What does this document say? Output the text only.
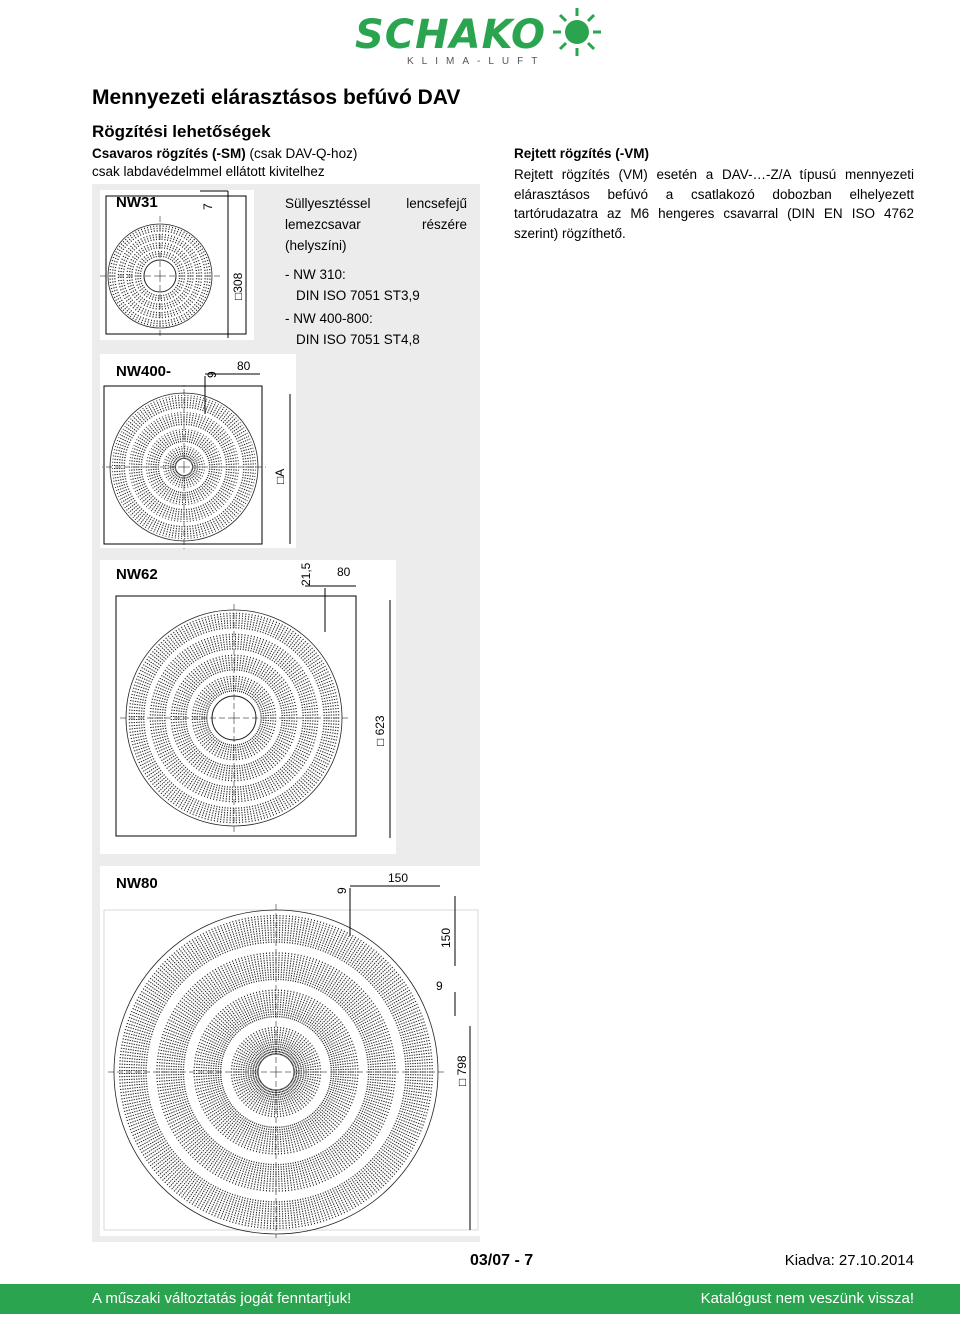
SCHAKO
KLIMA-LUFT
Mennyezeti elárasztásos befúvó DAV
Rögzítési lehetőségek
Csavaros rögzítés (-SM) (csak DAV-Q-hoz)
csak labdavédelmmel ellátott kivitelhez
7
□308
NW31	Süllyesztéssel	lencsefejű
lemezcsavar	részére

(helyszíni)

- NW 310:

DIN ISO 7051 ST3,9

- NW 400-800:

DIN ISO 7051 ST4,8

9
80
□A
NW400-
21,5 80
□ 623
NW62
9
150
150
9
□ 798
NW80
Rejtett rögzítés (-VM)

Rejtett rögzítés (VM) esetén a DAV-…-Z/A típusú mennyezeti elárasztásos befúvó a csatlakozó dobozban elhelyezett tartórudazatra az M6 hengeres csavarral (DIN EN ISO 4762 szerint) rögzíthető.

03/07 - 7	Kiadva: 27.10.2014
A műszaki változtatás jogát fenntartjuk!	Katalógust nem veszünk vissza!
